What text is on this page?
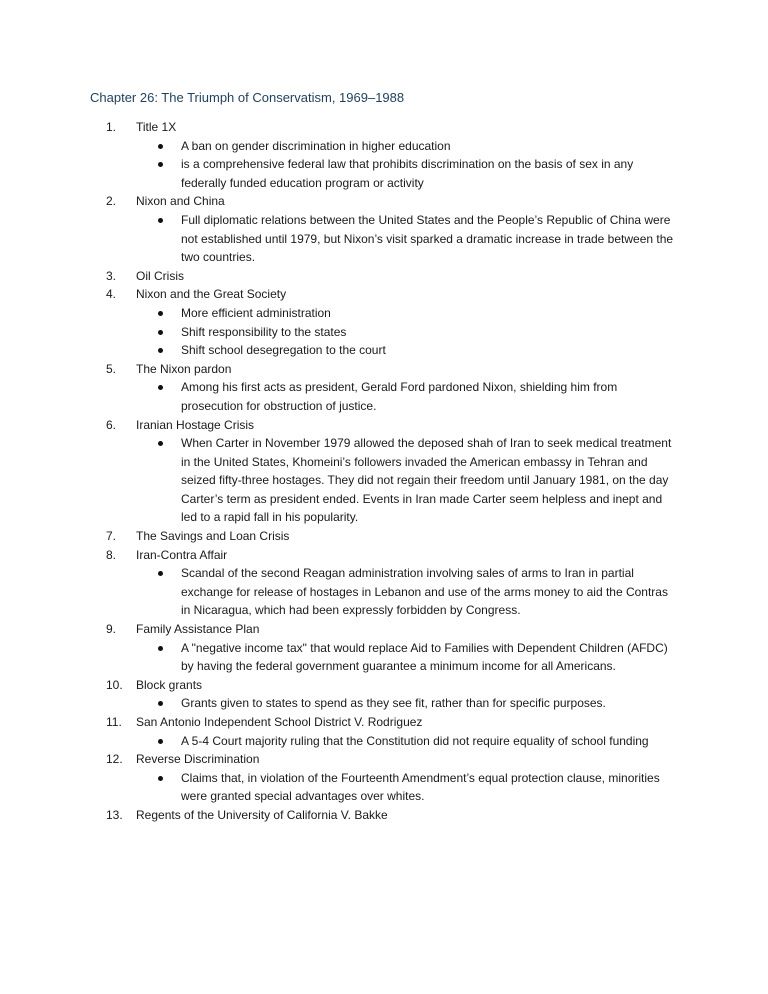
Chapter 26: The Triumph of Conservatism, 1969–1988
1.	Title 1X
A ban on gender discrimination in higher education
is a comprehensive federal law that prohibits discrimination on the basis of sex in any federally funded education program or activity
2.	Nixon and China
Full diplomatic relations between the United States and the People’s Republic of China were not established until 1979, but Nixon’s visit sparked a dramatic increase in trade between the two countries.
3.	Oil Crisis
4.	Nixon and the Great Society
More efficient administration
Shift responsibility to the states
Shift school desegregation to the court
5.	The Nixon pardon
Among his first acts as president, Gerald Ford pardoned Nixon, shielding him from prosecution for obstruction of justice.
6.	Iranian Hostage Crisis
When Carter in November 1979 allowed the deposed shah of Iran to seek medical treatment in the United States, Khomeini’s followers invaded the American embassy in Tehran and seized fifty-three hostages. They did not regain their freedom until January 1981, on the day Carter’s term as president ended. Events in Iran made Carter seem helpless and inept and led to a rapid fall in his popularity.
7.	The Savings and Loan Crisis
8.	Iran-Contra Affair
Scandal of the second Reagan administration involving sales of arms to Iran in partial exchange for release of hostages in Lebanon and use of the arms money to aid the Contras in Nicaragua, which had been expressly forbidden by Congress.
9.	Family Assistance Plan
A "negative income tax" that would replace Aid to Families with Dependent Children (AFDC) by having the federal government guarantee a minimum income for all Americans.
10.	Block grants
Grants given to states to spend as they see fit, rather than for specific purposes.
11.	San Antonio Independent School District V. Rodriguez
A 5-4 Court majority ruling that the Constitution did not require equality of school funding
12.	Reverse Discrimination
Claims that, in violation of the Fourteenth Amendment’s equal protection clause, minorities were granted special advantages over whites.
13.	Regents of the University of California V. Bakke
